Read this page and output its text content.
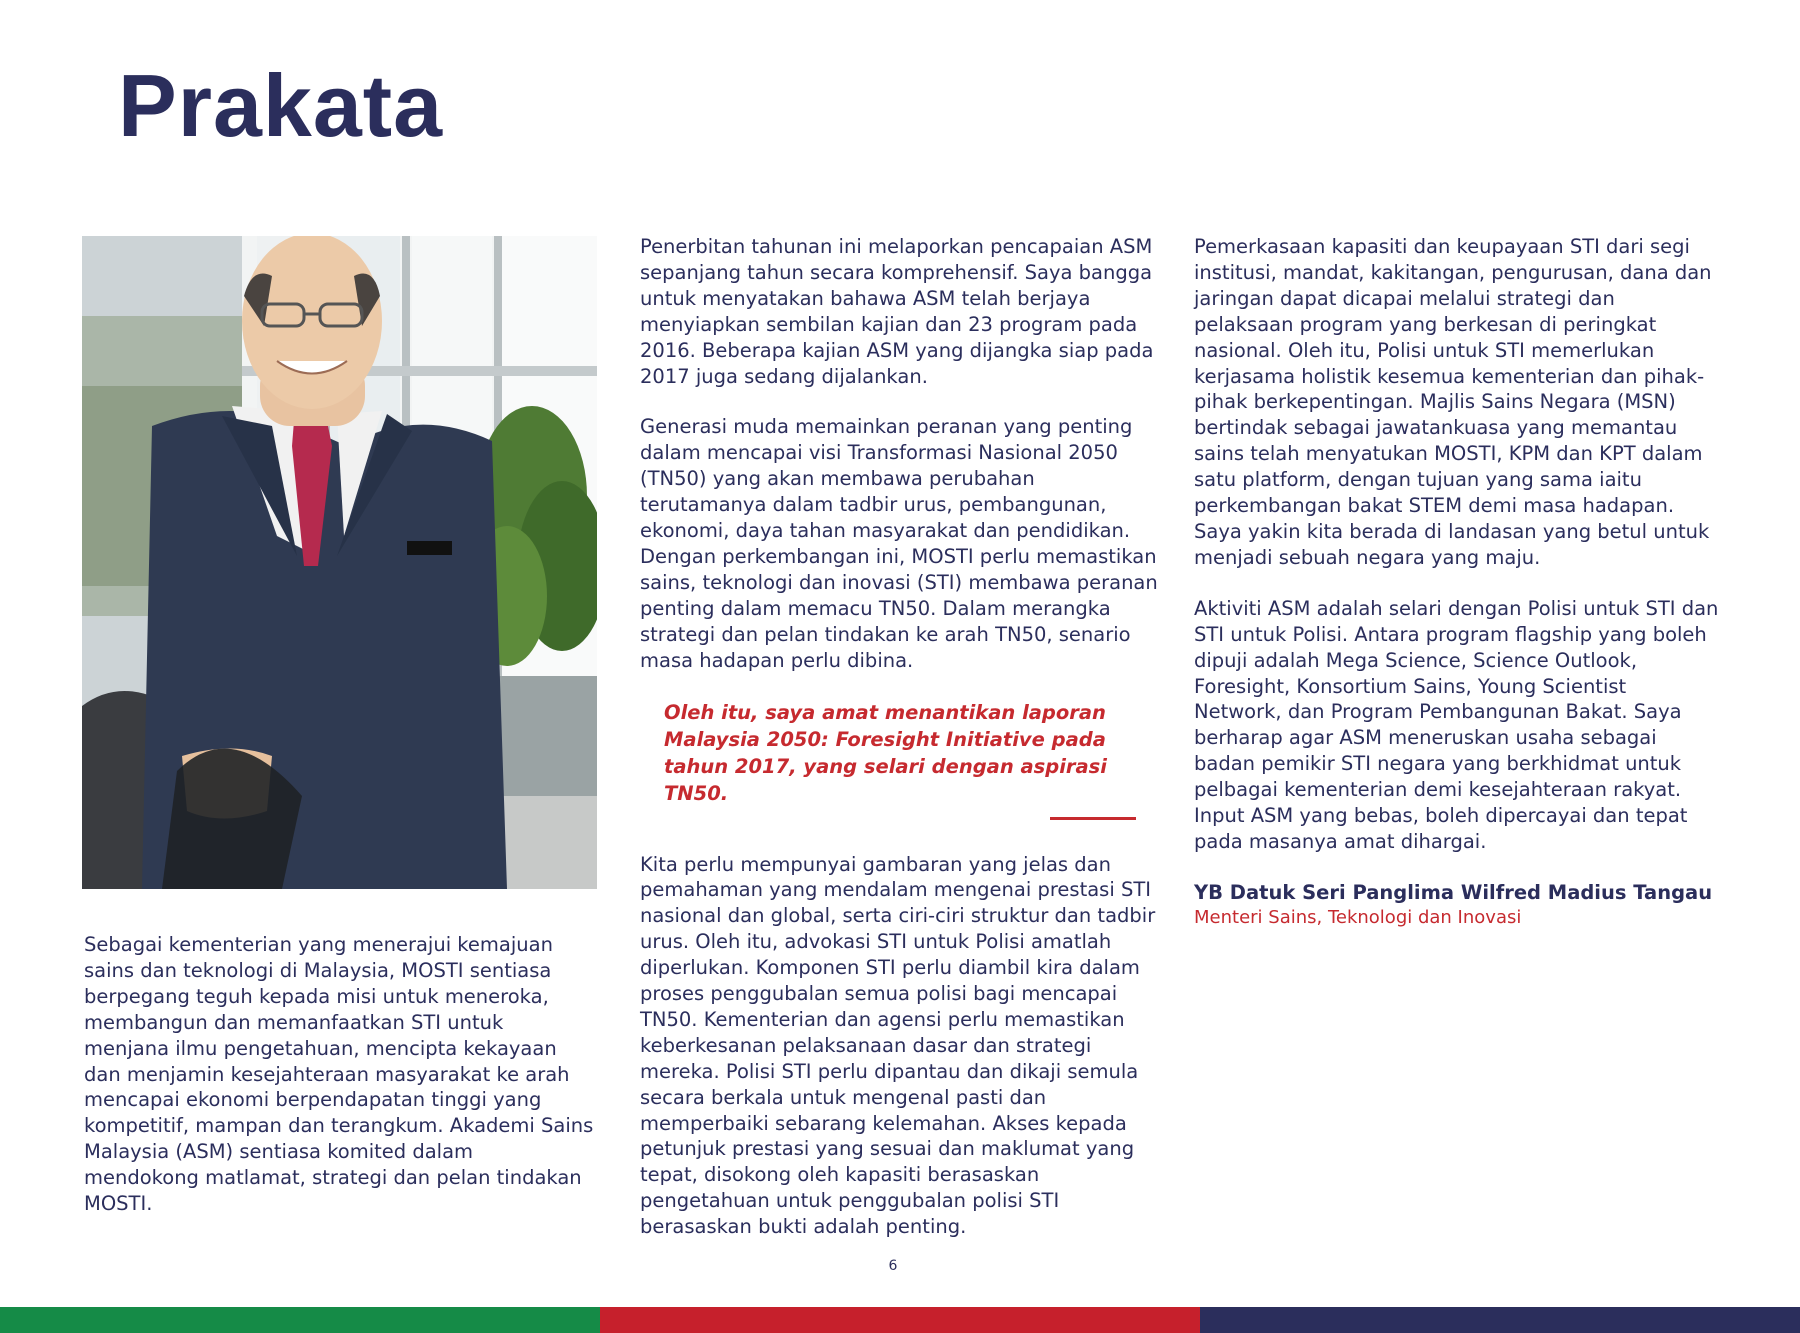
Prakata

Sebagai kementerian yang menerajui kemajuan sains dan teknologi di Malaysia, MOSTI sentiasa berpegang teguh kepada misi untuk meneroka, membangun dan memanfaatkan STI untuk menjana ilmu pengetahuan, mencipta kekayaan dan menjamin kesejahteraan masyarakat ke arah mencapai ekonomi berpendapatan tinggi yang kompetitif, mampan dan terangkum. Akademi Sains Malaysia (ASM) sentiasa komited dalam mendokong matlamat, strategi dan pelan tindakan MOSTI.

Penerbitan tahunan ini melaporkan pencapaian ASM sepanjang tahun secara komprehensif. Saya bangga untuk menyatakan bahawa ASM telah berjaya menyiapkan sembilan kajian dan 23 program pada 2016. Beberapa kajian ASM yang dijangka siap pada 2017 juga sedang dijalankan.

Generasi muda memainkan peranan yang penting dalam mencapai visi Transformasi Nasional 2050 (TN50) yang akan membawa perubahan terutamanya dalam tadbir urus, pembangunan, ekonomi, daya tahan masyarakat dan pendidikan. Dengan perkembangan ini, MOSTI perlu memastikan sains, teknologi dan inovasi (STI) membawa peranan penting dalam memacu TN50. Dalam merangka strategi dan pelan tindakan ke arah TN50, senario masa hadapan perlu dibina.

Oleh itu, saya amat menantikan laporan Malaysia 2050: Foresight Initiative pada tahun 2017, yang selari dengan aspirasi TN50.

Kita perlu mempunyai gambaran yang jelas dan pemahaman yang mendalam mengenai prestasi STI nasional dan global, serta ciri-ciri struktur dan tadbir urus. Oleh itu, advokasi STI untuk Polisi amatlah diperlukan. Komponen STI perlu diambil kira dalam proses penggubalan semua polisi bagi mencapai TN50. Kementerian dan agensi perlu memastikan keberkesanan pelaksanaan dasar dan strategi mereka. Polisi STI perlu dipantau dan dikaji semula secara berkala untuk mengenal pasti dan memperbaiki sebarang kelemahan. Akses kepada petunjuk prestasi yang sesuai dan maklumat yang tepat, disokong oleh kapasiti berasaskan pengetahuan untuk penggubalan polisi STI berasaskan bukti adalah penting.

Pemerkasaan kapasiti dan keupayaan STI dari segi institusi, mandat, kakitangan, pengurusan, dana dan jaringan dapat dicapai melalui strategi dan pelaksaan program yang berkesan di peringkat nasional. Oleh itu, Polisi untuk STI memerlukan kerjasama holistik kesemua kementerian dan pihak-pihak berkepentingan. Majlis Sains Negara (MSN) bertindak sebagai jawatankuasa yang memantau sains telah menyatukan MOSTI, KPM dan KPT dalam satu platform, dengan tujuan yang sama iaitu perkembangan bakat STEM demi masa hadapan. Saya yakin kita berada di landasan yang betul untuk menjadi sebuah negara yang maju.

Aktiviti ASM adalah selari dengan Polisi untuk STI dan STI untuk Polisi. Antara program flagship yang boleh dipuji adalah Mega Science, Science Outlook, Foresight, Konsortium Sains, Young Scientist Network, dan Program Pembangunan Bakat. Saya berharap agar ASM meneruskan usaha sebagai badan pemikir STI negara yang berkhidmat untuk pelbagai kementerian demi kesejahteraan rakyat. Input ASM yang bebas, boleh dipercayai dan tepat pada masanya amat dihargai.

YB Datuk Seri Panglima Wilfred Madius Tangau
Menteri Sains, Teknologi dan Inovasi
6
